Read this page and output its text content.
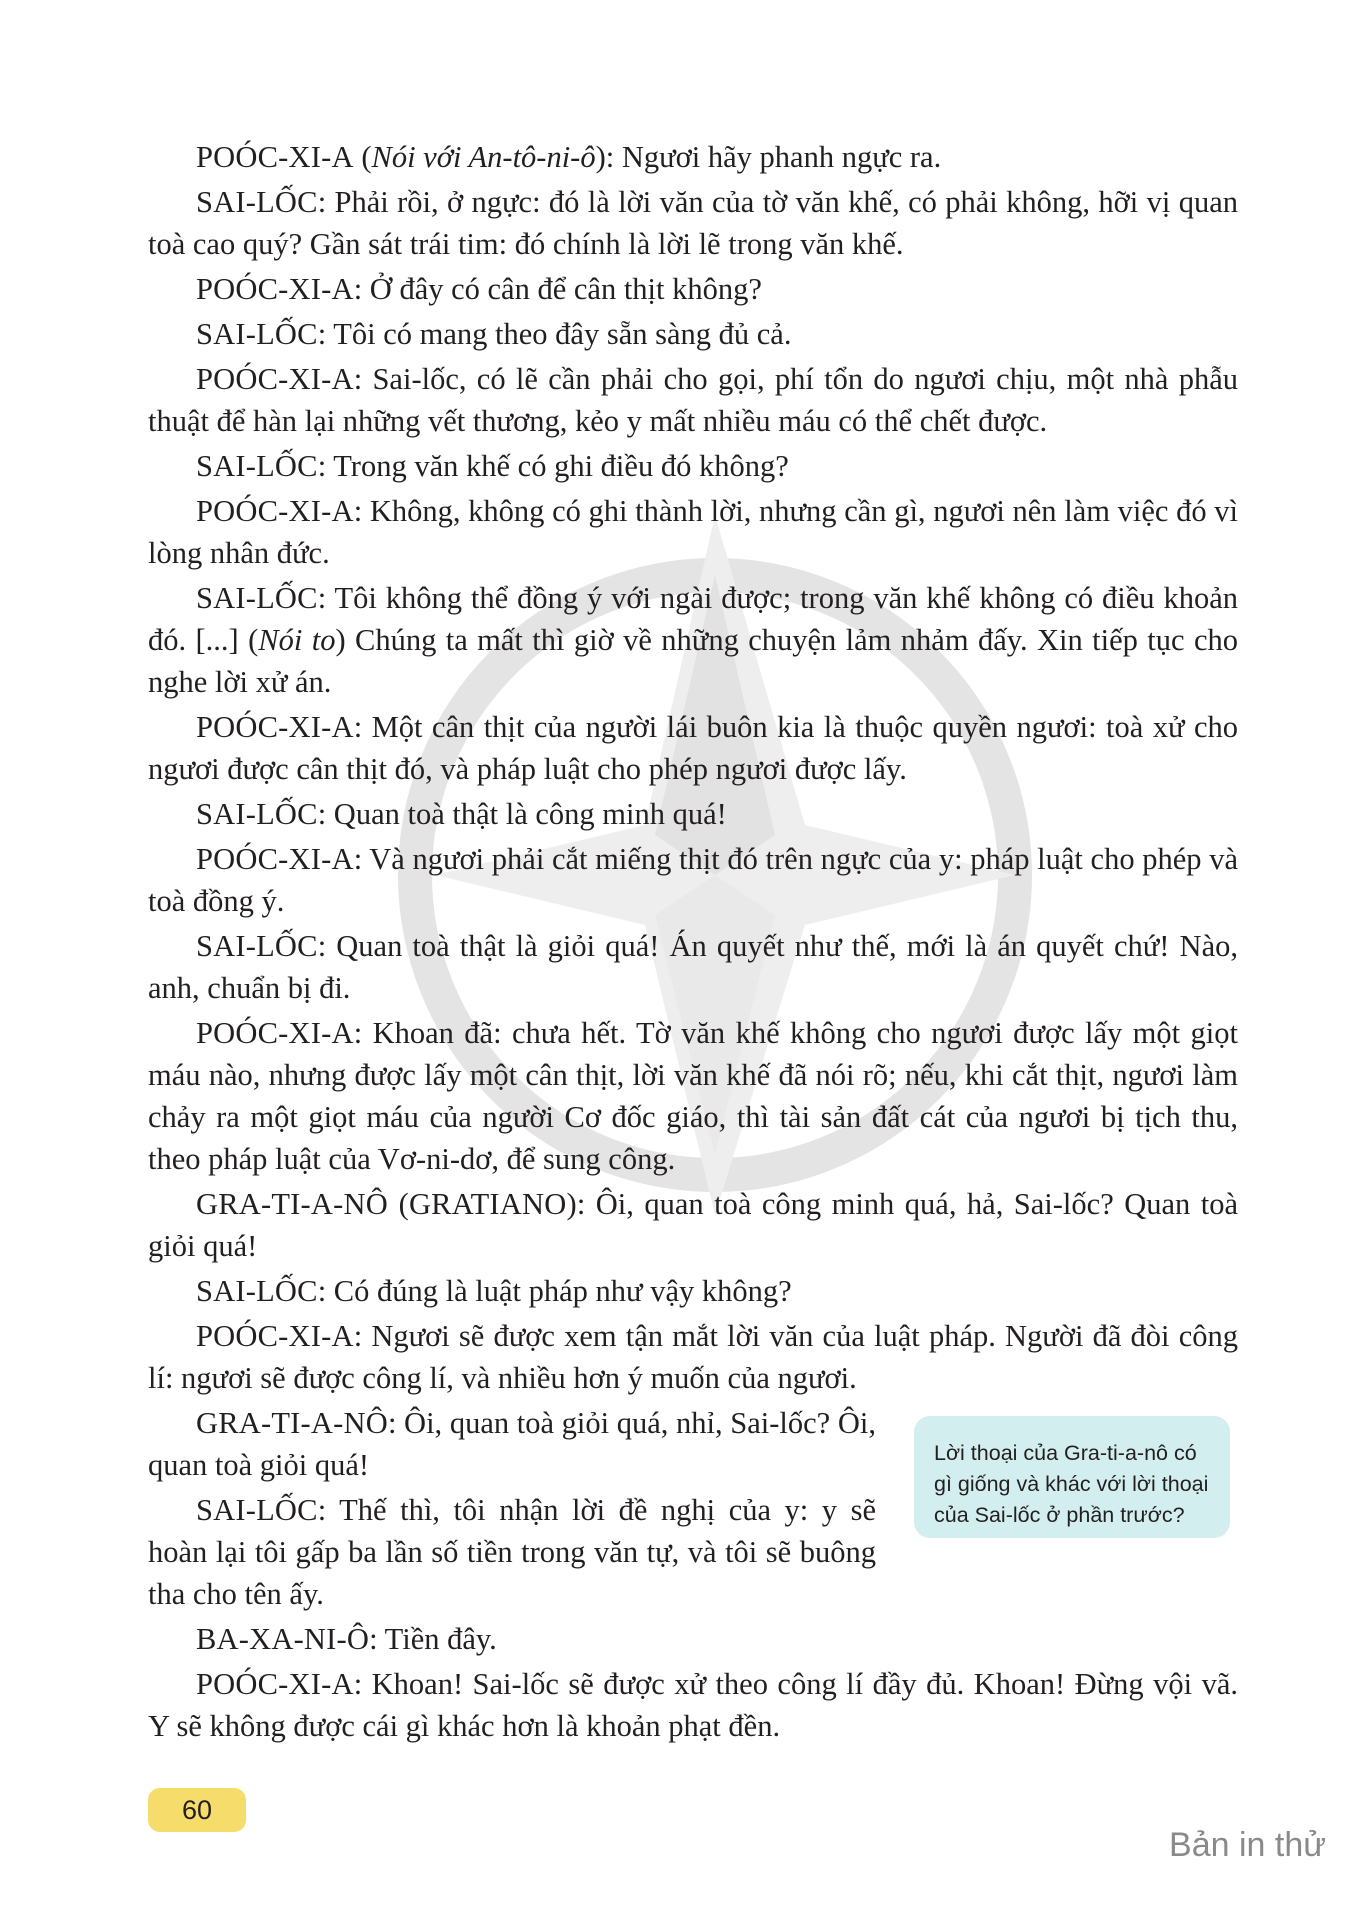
POÓC-XI-A (Nói với An-tô-ni-ô): Ngươi hãy phanh ngực ra.

SAI-LỐC: Phải rồi, ở ngực: đó là lời văn của tờ văn khế, có phải không, hỡi vị quan toà cao quý? Gần sát trái tim: đó chính là lời lẽ trong văn khế.

POÓC-XI-A: Ở đây có cân để cân thịt không?

SAI-LỐC: Tôi có mang theo đây sẵn sàng đủ cả.

POÓC-XI-A: Sai-lốc, có lẽ cần phải cho gọi, phí tổn do ngươi chịu, một nhà phẫu thuật để hàn lại những vết thương, kẻo y mất nhiều máu có thể chết được.

SAI-LỐC: Trong văn khế có ghi điều đó không?

POÓC-XI-A: Không, không có ghi thành lời, nhưng cần gì, ngươi nên làm việc đó vì lòng nhân đức.

SAI-LỐC: Tôi không thể đồng ý với ngài được; trong văn khế không có điều khoản đó. [...] (Nói to) Chúng ta mất thì giờ về những chuyện lảm nhảm đấy. Xin tiếp tục cho nghe lời xử án.

POÓC-XI-A: Một cân thịt của người lái buôn kia là thuộc quyền ngươi: toà xử cho ngươi được cân thịt đó, và pháp luật cho phép ngươi được lấy.

SAI-LỐC: Quan toà thật là công minh quá!

POÓC-XI-A: Và ngươi phải cắt miếng thịt đó trên ngực của y: pháp luật cho phép và toà đồng ý.

SAI-LỐC: Quan toà thật là giỏi quá! Án quyết như thế, mới là án quyết chứ! Nào, anh, chuẩn bị đi.

POÓC-XI-A: Khoan đã: chưa hết. Tờ văn khế không cho ngươi được lấy một giọt máu nào, nhưng được lấy một cân thịt, lời văn khế đã nói rõ; nếu, khi cắt thịt, ngươi làm chảy ra một giọt máu của người Cơ đốc giáo, thì tài sản đất cát của ngươi bị tịch thu, theo pháp luật của Vơ-ni-dơ, để sung công.

GRA-TI-A-NÔ (GRATIANO): Ôi, quan toà công minh quá, hả, Sai-lốc? Quan toà giỏi quá!

SAI-LỐC: Có đúng là luật pháp như vậy không?

POÓC-XI-A: Ngươi sẽ được xem tận mắt lời văn của luật pháp. Người đã đòi công lí: ngươi sẽ được công lí, và nhiều hơn ý muốn của ngươi.

GRA-TI-A-NÔ: Ôi, quan toà giỏi quá, nhỉ, Sai-lốc? Ôi, quan toà giỏi quá!

SAI-LỐC: Thế thì, tôi nhận lời đề nghị của y: y sẽ hoàn lại tôi gấp ba lần số tiền trong văn tự, và tôi sẽ buông tha cho tên ấy.

BA-XA-NI-Ô: Tiền đây.

POÓC-XI-A: Khoan! Sai-lốc sẽ được xử theo công lí đầy đủ. Khoan! Đừng vội vã. Y sẽ không được cái gì khác hơn là khoản phạt đền.

Lời thoại của Gra-ti-a-nô có gì giống và khác với lời thoại của Sai-lốc ở phần trước?
60
Bản in thử
